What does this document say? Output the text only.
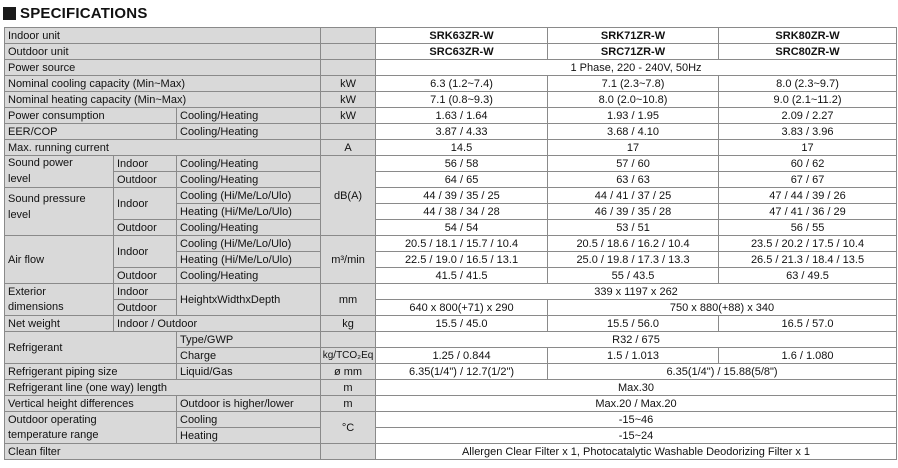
SPECIFICATIONS
Indoor unit				SRK63ZR-W	SRK71ZR-W	SRK80ZR-W
Outdoor unit				SRC63ZR-W	SRC71ZR-W	SRC80ZR-W
Power source				1 Phase, 220 - 240V, 50Hz		
Nominal cooling capacity (Min~Max)			kW	6.3 (1.2~7.4)	7.1 (2.3~7.8)	8.0 (2.3~9.7)
Nominal heating capacity (Min~Max)			kW	7.1 (0.8~9.3)	8.0 (2.0~10.8)	9.0 (2.1~11.2)
Power consumption		Cooling/Heating	kW	1.63 / 1.64	1.93 / 1.95	2.09 / 2.27
EER/COP		Cooling/Heating		3.87 / 4.33	3.68 / 4.10	3.83 / 3.96
Max. running current			A	14.5	17	17

Sound power
level	Indoor	Cooling/Heating	dB(A)	56 / 58	57 / 60	60 / 62
	Outdoor	Cooling/Heating		64 / 65	63 / 63	67 / 67

Sound pressure
level	Indoor	Cooling (Hi/Me/Lo/Ulo)		44 / 39 / 35 / 25	44 / 41 / 37 / 25	47 / 44 / 39 / 26
		Heating (Hi/Me/Lo/Ulo)		44 / 38 / 34 / 28	46 / 39 / 35 / 28	47 / 41 / 36 / 29
	Outdoor	Cooling/Heating		54 / 54	53 / 51	56 / 55
Air flow	Indoor	Cooling (Hi/Me/Lo/Ulo)	m³/min	20.5 / 18.1 / 15.7 / 10.4	20.5 / 18.6 / 16.2 / 10.4	23.5 / 20.2 / 17.5 / 10.4
		Heating (Hi/Me/Lo/Ulo)		22.5 / 19.0 / 16.5 / 13.1	25.0 / 19.8 / 17.3 / 13.3	26.5 / 21.3 / 18.4 / 13.5
	Outdoor	Cooling/Heating		41.5 / 41.5	55 / 43.5	63 / 49.5

Exterior
dimensions	Indoor	HeightxWidthxDepth	mm	339 x 1197 x 262		
	Outdoor			640 x 800(+71) x 290	750 x 880(+88) x 340	
Net weight	Indoor / Outdoor		kg	15.5 / 45.0	15.5 / 56.0	16.5 / 57.0
Refrigerant		Type/GWP		R32 / 675		
		Charge	kg/TCO₂Eq	1.25 / 0.844	1.5 / 1.013	1.6 / 1.080
Refrigerant piping size		Liquid/Gas	ø mm	6.35(1/4") / 12.7(1/2")	6.35(1/4") / 15.88(5/8")	
Refrigerant line (one way) length			m	Max.30		
Vertical height differences		Outdoor is higher/lower	m	Max.20 / Max.20		

Outdoor operating
temperature range		Cooling	°C	-15~46		
		Heating		-15~24		
Clean filter				Allergen Clear Filter x 1, Photocatalytic Washable Deodorizing Filter x 1		
